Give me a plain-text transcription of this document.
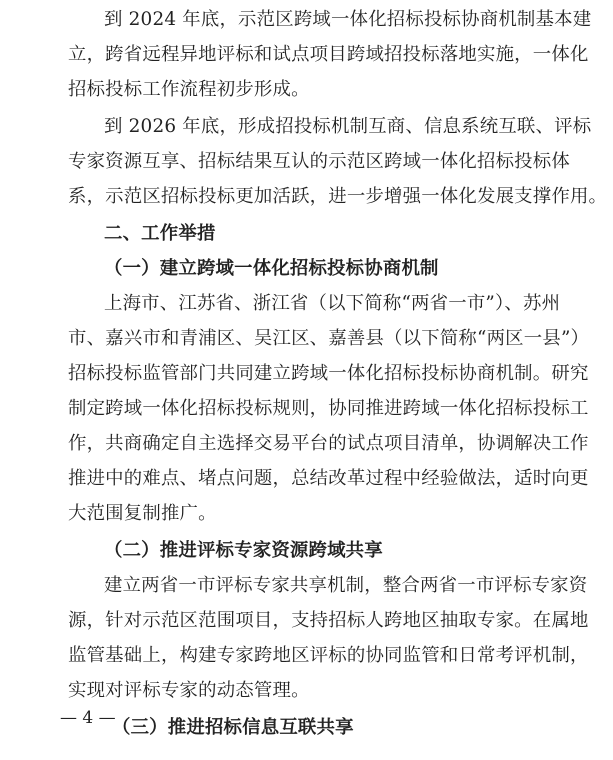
到 2024 年底，示范区跨域一体化招标投标协商机制基本建
立，跨省远程异地评标和试点项目跨域招投标落地实施，一体化
招标投标工作流程初步形成。
到 2026 年底，形成招投标机制互商、信息系统互联、评标
专家资源互享、招标结果互认的示范区跨域一体化招标投标体
系，示范区招标投标更加活跃，进一步增强一体化发展支撑作用。
二、工作举措
（一）建立跨域一体化招标投标协商机制
上海市、江苏省、浙江省（以下简称“两省一市”）、苏州
市、嘉兴市和青浦区、吴江区、嘉善县（以下简称“两区一县”）
招标投标监管部门共同建立跨域一体化招标投标协商机制。研究
制定跨域一体化招标投标规则，协同推进跨域一体化招标投标工
作，共商确定自主选择交易平台的试点项目清单，协调解决工作
推进中的难点、堵点问题，总结改革过程中经验做法，适时向更
大范围复制推广。
（二）推进评标专家资源跨域共享
建立两省一市评标专家共享机制，整合两省一市评标专家资
源，针对示范区范围项目，支持招标人跨地区抽取专家。在属地
监管基础上，构建专家跨地区评标的协同监管和日常考评机制，
实现对评标专家的动态管理。
（三）推进招标信息互联共享
— 4 —
